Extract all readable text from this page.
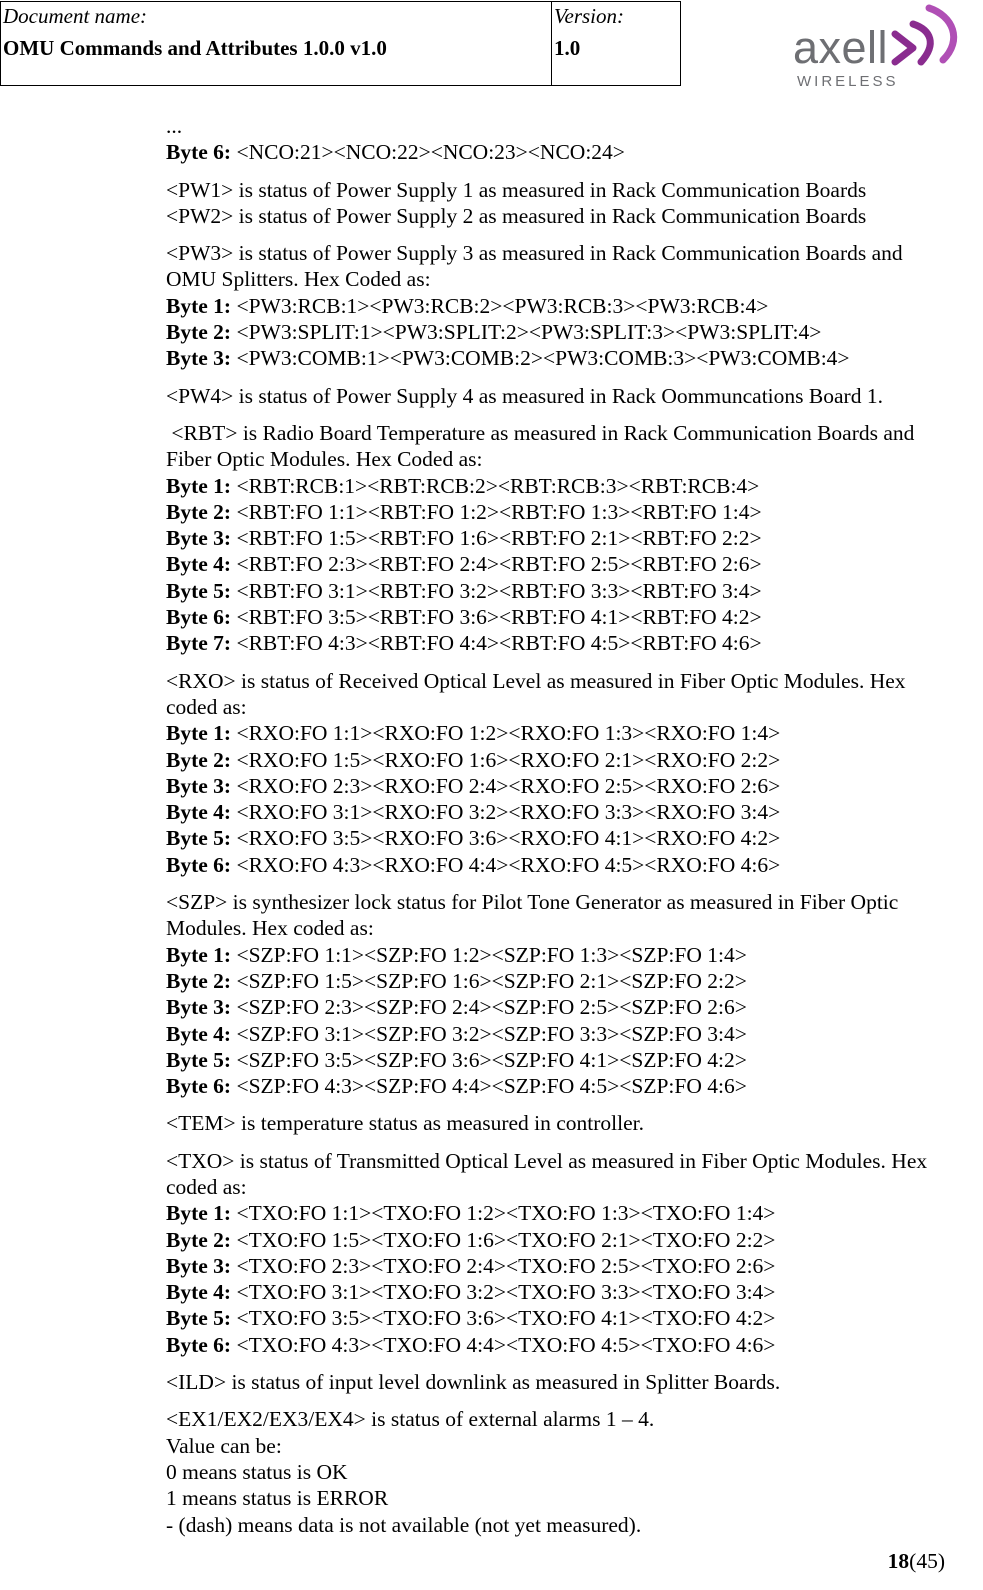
Document name:
OMU Commands and Attributes 1.0.0 v1.0
Version:
1.0	axell
WIRELESS
...
Byte 6: <NCO:21><NCO:22><NCO:23><NCO:24>
<PW1> is status of Power Supply 1 as measured in Rack Communication Boards
<PW2> is status of Power Supply 2 as measured in Rack Communication Boards
<PW3> is status of Power Supply 3 as measured in Rack Communication Boards and
OMU Splitters. Hex Coded as:
Byte 1: <PW3:RCB:1><PW3:RCB:2><PW3:RCB:3><PW3:RCB:4>
Byte 2: <PW3:SPLIT:1><PW3:SPLIT:2><PW3:SPLIT:3><PW3:SPLIT:4>
Byte 3: <PW3:COMB:1><PW3:COMB:2><PW3:COMB:3><PW3:COMB:4>
<PW4> is status of Power Supply 4 as measured in Rack Oommuncations Board 1.
<RBT> is Radio Board Temperature as measured in Rack Communication Boards and
Fiber Optic Modules. Hex Coded as:
Byte 1: <RBT:RCB:1><RBT:RCB:2><RBT:RCB:3><RBT:RCB:4>
Byte 2: <RBT:FO 1:1><RBT:FO 1:2><RBT:FO 1:3><RBT:FO 1:4>
Byte 3: <RBT:FO 1:5><RBT:FO 1:6><RBT:FO 2:1><RBT:FO 2:2>
Byte 4: <RBT:FO 2:3><RBT:FO 2:4><RBT:FO 2:5><RBT:FO 2:6>
Byte 5: <RBT:FO 3:1><RBT:FO 3:2><RBT:FO 3:3><RBT:FO 3:4>
Byte 6: <RBT:FO 3:5><RBT:FO 3:6><RBT:FO 4:1><RBT:FO 4:2>
Byte 7: <RBT:FO 4:3><RBT:FO 4:4><RBT:FO 4:5><RBT:FO 4:6>
<RXO> is status of Received Optical Level as measured in Fiber Optic Modules. Hex
coded as:
Byte 1: <RXO:FO 1:1><RXO:FO 1:2><RXO:FO 1:3><RXO:FO 1:4>
Byte 2: <RXO:FO 1:5><RXO:FO 1:6><RXO:FO 2:1><RXO:FO 2:2>
Byte 3: <RXO:FO 2:3><RXO:FO 2:4><RXO:FO 2:5><RXO:FO 2:6>
Byte 4: <RXO:FO 3:1><RXO:FO 3:2><RXO:FO 3:3><RXO:FO 3:4>
Byte 5: <RXO:FO 3:5><RXO:FO 3:6><RXO:FO 4:1><RXO:FO 4:2>
Byte 6: <RXO:FO 4:3><RXO:FO 4:4><RXO:FO 4:5><RXO:FO 4:6>
<SZP> is synthesizer lock status for Pilot Tone Generator as measured in Fiber Optic
Modules. Hex coded as:
Byte 1: <SZP:FO 1:1><SZP:FO 1:2><SZP:FO 1:3><SZP:FO 1:4>
Byte 2: <SZP:FO 1:5><SZP:FO 1:6><SZP:FO 2:1><SZP:FO 2:2>
Byte 3: <SZP:FO 2:3><SZP:FO 2:4><SZP:FO 2:5><SZP:FO 2:6>
Byte 4: <SZP:FO 3:1><SZP:FO 3:2><SZP:FO 3:3><SZP:FO 3:4>
Byte 5: <SZP:FO 3:5><SZP:FO 3:6><SZP:FO 4:1><SZP:FO 4:2>
Byte 6: <SZP:FO 4:3><SZP:FO 4:4><SZP:FO 4:5><SZP:FO 4:6>
<TEM> is temperature status as measured in controller.
<TXO> is status of Transmitted Optical Level as measured in Fiber Optic Modules. Hex
coded as:
Byte 1: <TXO:FO 1:1><TXO:FO 1:2><TXO:FO 1:3><TXO:FO 1:4>
Byte 2: <TXO:FO 1:5><TXO:FO 1:6><TXO:FO 2:1><TXO:FO 2:2>
Byte 3: <TXO:FO 2:3><TXO:FO 2:4><TXO:FO 2:5><TXO:FO 2:6>
Byte 4: <TXO:FO 3:1><TXO:FO 3:2><TXO:FO 3:3><TXO:FO 3:4>
Byte 5: <TXO:FO 3:5><TXO:FO 3:6><TXO:FO 4:1><TXO:FO 4:2>
Byte 6: <TXO:FO 4:3><TXO:FO 4:4><TXO:FO 4:5><TXO:FO 4:6>
<ILD> is status of input level downlink as measured in Splitter Boards.
<EX1/EX2/EX3/EX4> is status of external alarms 1 – 4.
Value can be:
0 means status is OK
1 means status is ERROR
- (dash) means data is not available (not yet measured).
18(45)
